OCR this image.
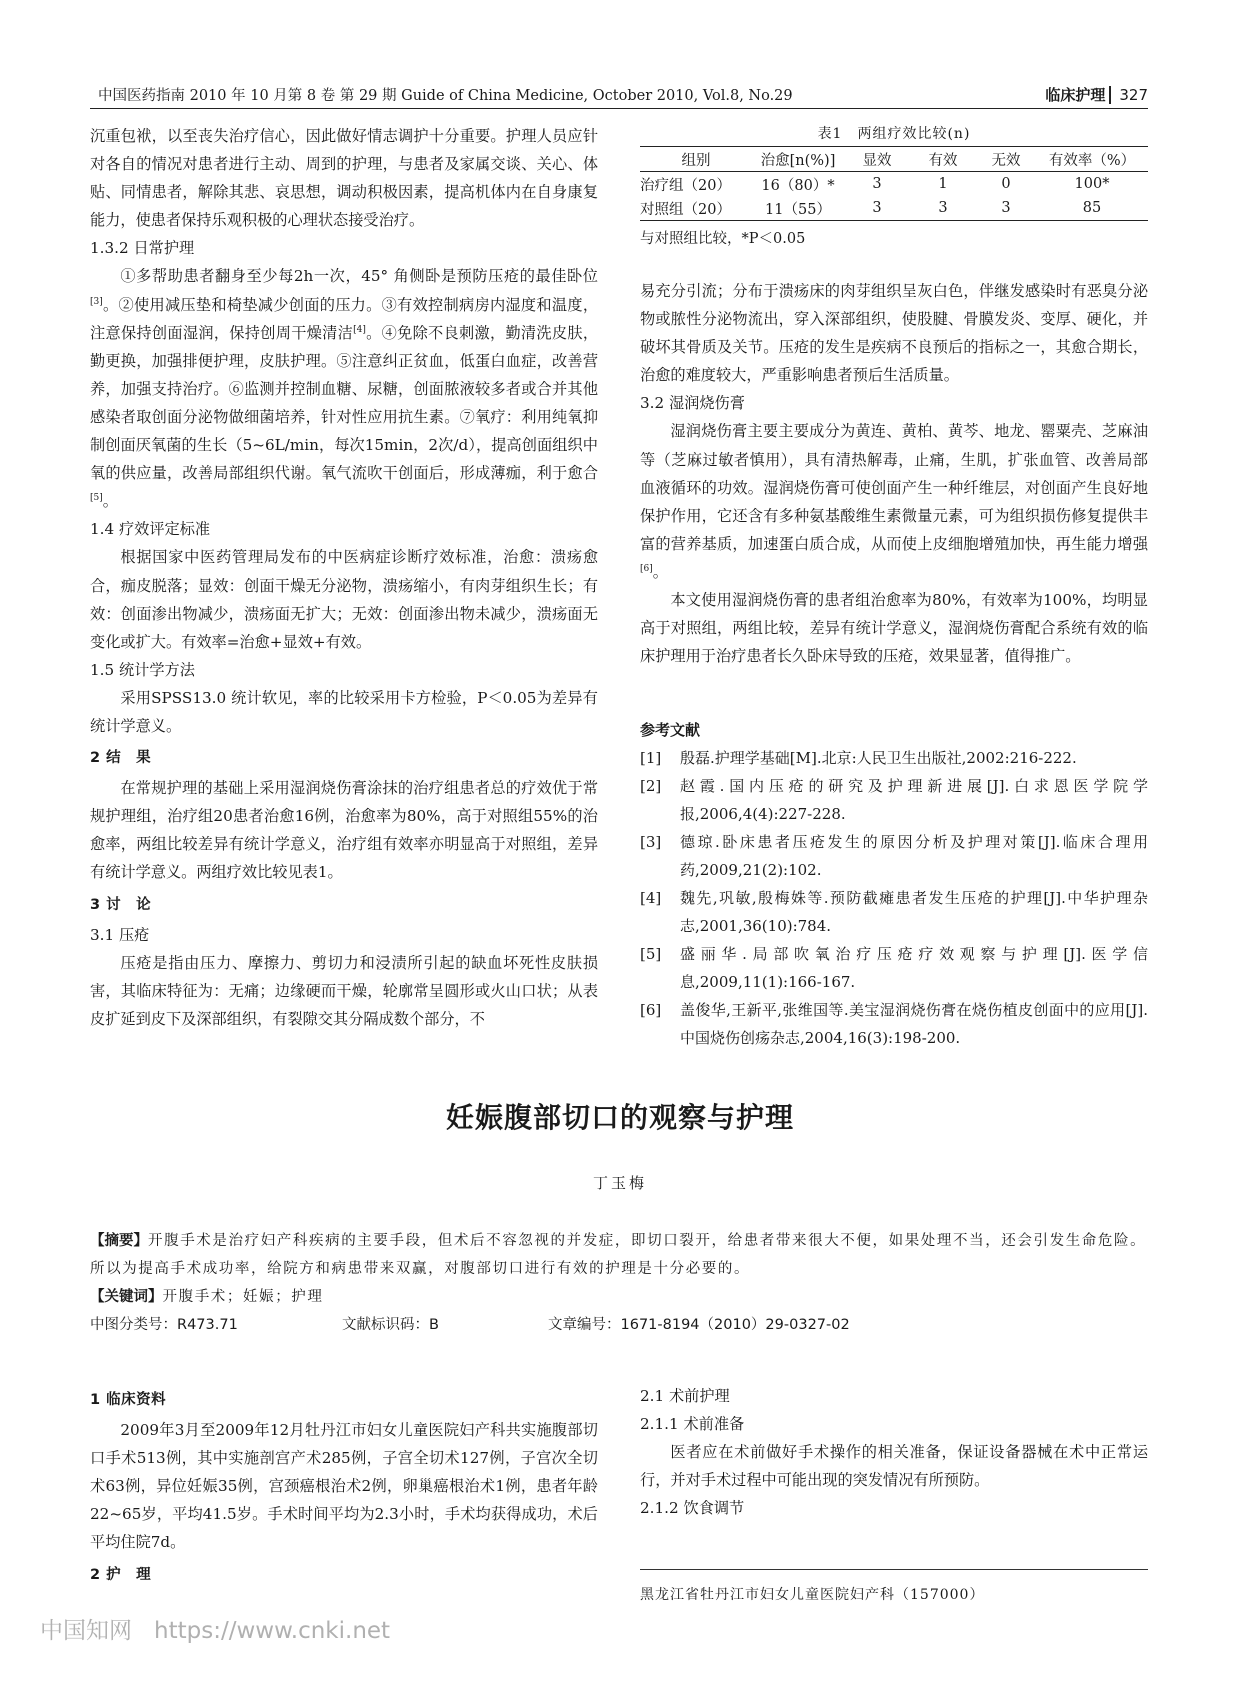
中国医药指南 2010 年 10 月第 8 卷 第 29 期 Guide of China Medicine, October 2010, Vol.8, No.29	临床护理 327

沉重包袱，以至丧失治疗信心，因此做好情志调护十分重要。护理人员应针对各自的情况对患者进行主动、周到的护理，与患者及家属交谈、关心、体贴、同情患者，解除其悲、哀思想，调动积极因素，提高机体内在自身康复能力，使患者保持乐观积极的心理状态接受治疗。

1.3.2 日常护理

①多帮助患者翻身至少每2h一次，45° 角侧卧是预防压疮的最佳卧位[3]。②使用减压垫和椅垫减少创面的压力。③有效控制病房内湿度和温度，注意保持创面湿润，保持创周干燥清洁[4]。④免除不良刺激，勤清洗皮肤，勤更换，加强排便护理，皮肤护理。⑤注意纠正贫血，低蛋白血症，改善营养，加强支持治疗。⑥监测并控制血糖、尿糖，创面脓液较多者或合并其他感染者取创面分泌物做细菌培养，针对性应用抗生素。⑦氧疗：利用纯氧抑制创面厌氧菌的生长（5~6L/min，每次15min，2次/d），提高创面组织中氧的供应量，改善局部组织代谢。氧气流吹干创面后，形成薄痂，利于愈合[5]。

1.4 疗效评定标准

根据国家中医药管理局发布的中医病症诊断疗效标准，治愈：溃疡愈合，痂皮脱落；显效：创面干燥无分泌物，溃疡缩小，有肉芽组织生长；有效：创面渗出物减少，溃疡面无扩大；无效：创面渗出物未减少，溃疡面无变化或扩大。有效率=治愈+显效+有效。

1.5 统计学方法

采用SPSS13.0 统计软见，率的比较采用卡方检验，P＜0.05为差异有统计学意义。

2 结　果

在常规护理的基础上采用湿润烧伤膏涂抹的治疗组患者总的疗效优于常规护理组，治疗组20患者治愈16例，治愈率为80%，高于对照组55%的治愈率，两组比较差异有统计学意义，治疗组有效率亦明显高于对照组，差异有统计学意义。两组疗效比较见表1。

3 讨　论
3.1 压疮

压疮是指由压力、摩擦力、剪切力和浸渍所引起的缺血坏死性皮肤损害，其临床特征为：无痛；边缘硬而干燥，轮廓常呈圆形或火山口状；从表皮扩延到皮下及深部组织，有裂隙交其分隔成数个部分，不

表1　两组疗效比较(n)
组别	治愈[n(%)]	显效	有效	无效	有效率（%）
治疗组（20）	16（80）*	3	1	0	100*
对照组（20）	11（55）	3	3	3	85
与对照组比较，*P＜0.05

易充分引流；分布于溃疡床的肉芽组织呈灰白色，伴继发感染时有恶臭分泌物或脓性分泌物流出，穿入深部组织，使股腱、骨膜发炎、变厚、硬化，并破坏其骨质及关节。压疮的发生是疾病不良预后的指标之一，其愈合期长，治愈的难度较大，严重影响患者预后生活质量。

3.2 湿润烧伤膏

湿润烧伤膏主要主要成分为黄连、黄柏、黄芩、地龙、罂粟壳、芝麻油等（芝麻过敏者慎用），具有清热解毒，止痛，生肌，扩张血管、改善局部血液循环的功效。湿润烧伤膏可使创面产生一种纤维层，对创面产生良好地保护作用，它还含有多种氨基酸维生素微量元素，可为组织损伤修复提供丰富的营养基质，加速蛋白质合成，从而使上皮细胞增殖加快，再生能力增强[6]。

本文使用湿润烧伤膏的患者组治愈率为80%，有效率为100%，均明显高于对照组，两组比较，差异有统计学意义，湿润烧伤膏配合系统有效的临床护理用于治疗患者长久卧床导致的压疮，效果显著，值得推广。

参考文献
[1]	殷磊.护理学基础[M].北京:人民卫生出版社,2002:216-222.
[2]	赵霞.国内压疮的研究及护理新进展[J].白求恩医学院学报,2006,4(4):227-228.
[3]	德琼.卧床患者压疮发生的原因分析及护理对策[J].临床合理用药,2009,21(2):102.
[4]	魏先,巩敏,殷梅姝等.预防截瘫患者发生压疮的护理[J].中华护理杂志,2001,36(10):784.
[5]	盛丽华.局部吹氧治疗压疮疗效观察与护理[J].医学信息,2009,11(1):166-167.
[6]	盖俊华,王新平,张维国等.美宝湿润烧伤膏在烧伤植皮创面中的应用[J].中国烧伤创疡杂志,2004,16(3):198-200.
妊娠腹部切口的观察与护理
丁玉梅
【摘要】开腹手术是治疗妇产科疾病的主要手段，但术后不容忽视的并发症，即切口裂开，给患者带来很大不便，如果处理不当，还会引发生命危险。所以为提高手术成功率，给院方和病患带来双赢，对腹部切口进行有效的护理是十分必要的。
【关键词】开腹手术；妊娠；护理
中图分类号：R473.71	文献标识码：B	文章编号：1671-8194（2010）29-0327-02
1 临床资料

2009年3月至2009年12月牡丹江市妇女儿童医院妇产科共实施腹部切口手术513例，其中实施剖宫产术285例，子宫全切术127例，子宫次全切术63例，异位妊娠35例，宫颈癌根治术2例，卵巢癌根治术1例，患者年龄22~65岁，平均41.5岁。手术时间平均为2.3小时，手术均获得成功，术后平均住院7d。

2 护　理
2.1 术前护理
2.1.1 术前准备

医者应在术前做好手术操作的相关准备，保证设备器械在术中正常运行，并对手术过程中可能出现的突发情况有所预防。

2.1.2 饮食调节
黑龙江省牡丹江市妇女儿童医院妇产科（157000）
中国知网 https://www.cnki.net
